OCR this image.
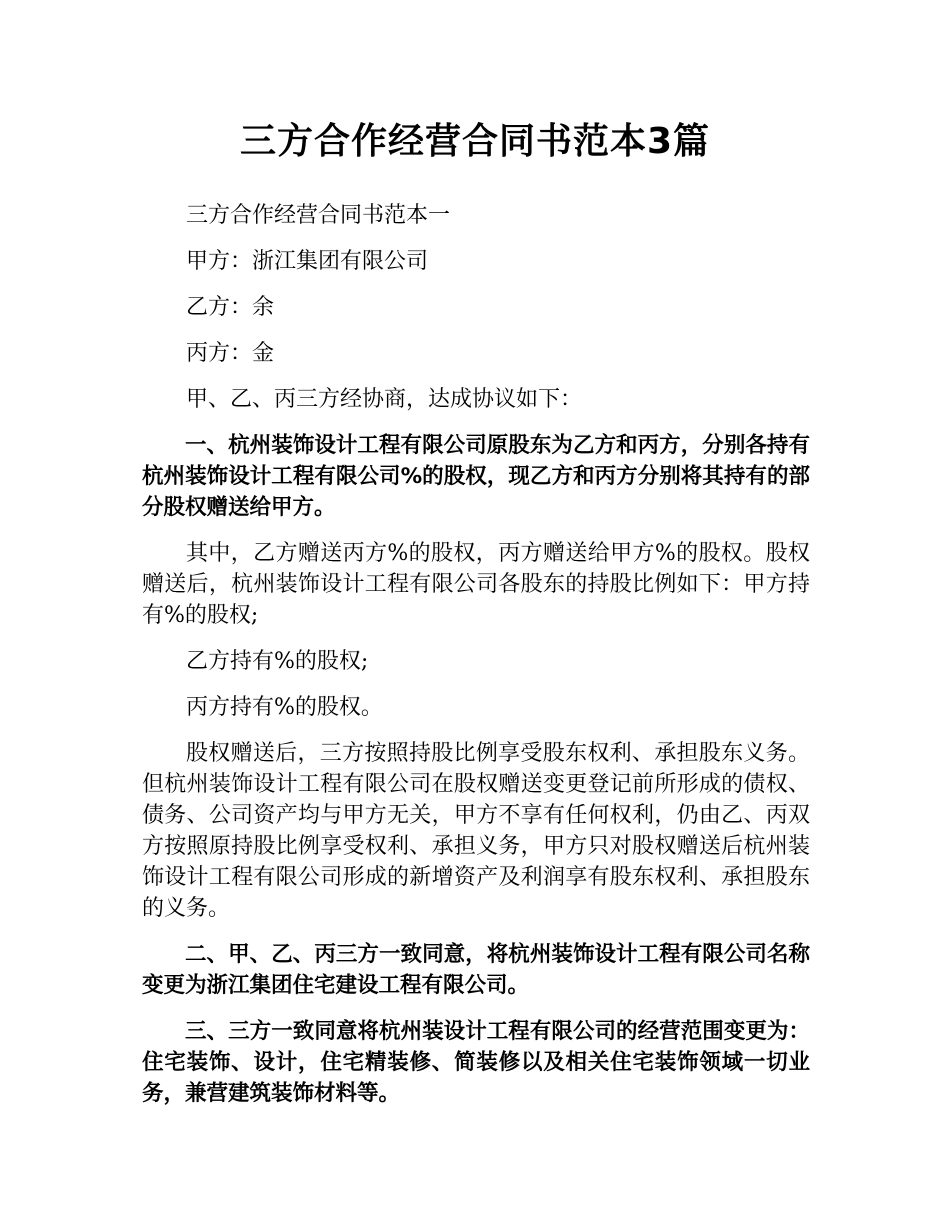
三方合作经营合同书范本3篇

三方合作经营合同书范本一

甲方：浙江集团有限公司

乙方：余

丙方：金

甲、乙、丙三方经协商，达成协议如下：

一、杭州装饰设计工程有限公司原股东为乙方和丙方，分别各持有杭州装饰设计工程有限公司%的股权，现乙方和丙方分别将其持有的部分股权赠送给甲方。

其中，乙方赠送丙方%的股权，丙方赠送给甲方%的股权。股权赠送后，杭州装饰设计工程有限公司各股东的持股比例如下：甲方持有%的股权;

乙方持有%的股权;

丙方持有%的股权。

股权赠送后，三方按照持股比例享受股东权利、承担股东义务。但杭州装饰设计工程有限公司在股权赠送变更登记前所形成的债权、债务、公司资产均与甲方无关，甲方不享有任何权利，仍由乙、丙双方按照原持股比例享受权利、承担义务，甲方只对股权赠送后杭州装饰设计工程有限公司形成的新增资产及利润享有股东权利、承担股东的义务。

二、甲、乙、丙三方一致同意，将杭州装饰设计工程有限公司名称变更为浙江集团住宅建设工程有限公司。

三、三方一致同意将杭州装设计工程有限公司的经营范围变更为：住宅装饰、设计，住宅精装修、简装修以及相关住宅装饰领域一切业务，兼营建筑装饰材料等。
